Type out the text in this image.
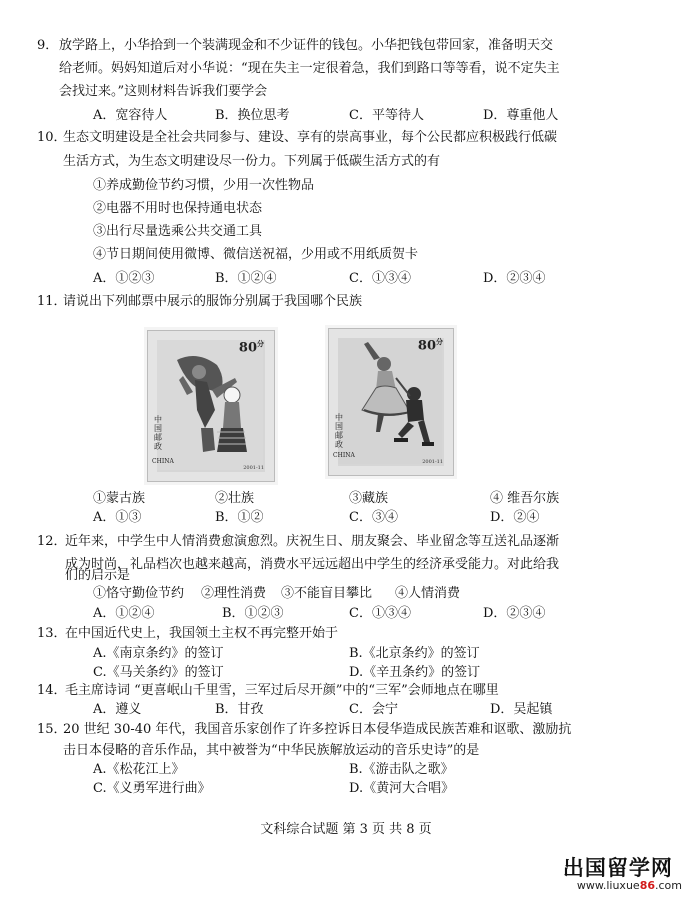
9． 放学路上，小华拾到一个装满现金和不少证件的钱包。小华把钱包带回家，准备明天交
给老师。妈妈知道后对小华说：“现在失主一定很着急，我们到路口等等看，说不定失主
会找过来。”这则材料告诉我们要学会
A．宽容待人	B．换位思考	C．平等待人	D．尊重他人
10．
生态文明建设是全社会共同参与、建设、享有的崇高事业，每个公民都应积极践行低碳
生活方式，为生态文明建设尽一份力。下列属于低碳生活方式的有
①养成勤俭节约习惯，少用一次性物品
②电器不用时也保持通电状态
③出行尽量选乘公共交通工具
④节日期间使用微博、微信送祝福，少用或不用纸质贺卡
A．①②③	B．①②④	C．①③④	D．②③④
11．
请说出下列邮票中展示的服饰分别属于我国哪个民族
$80^分$
中国邮政
CHINA
2001-11
$80^分$
中国邮政
CHINA
2001-11
①蒙古族	②壮族	③藏族	④ 维吾尔族
A．①③	B．①②	C．③④	D．②④
12．
近年来，中学生中人情消费愈演愈烈。庆祝生日、朋友聚会、毕业留念等互送礼品逐渐
成为时尚，礼品档次也越来越高，消费水平远远超出中学生的经济承受能力。对此给我
们的启示是
①恪守勤俭节约 ②理性消费 ③不能盲目攀比 ④人情消费
A．①②④	B．①②③	C．①③④	D．②③④
13．
在中国近代史上，我国领土主权不再完整开始于
A.《南京条约》的签订	B.《北京条约》的签订
C.《马关条约》的签订	D.《辛丑条约》的签订
14．
毛主席诗词 “更喜岷山千里雪，三军过后尽开颜”中的“三军”会师地点在哪里
A．遵义	B．甘孜	C．会宁	D．吴起镇
15．
20 世纪 30-40 年代，我国音乐家创作了许多控诉日本侵华造成民族苦难和讴歌、激励抗
击日本侵略的音乐作品，其中被誉为“中华民族解放运动的音乐史诗”的是
A.《松花江上》	B.《游击队之歌》
C.《义勇军进行曲》	D.《黄河大合唱》
文科综合试题 第 3 页 共 8 页
出国留学网
www.liuxue86.com
